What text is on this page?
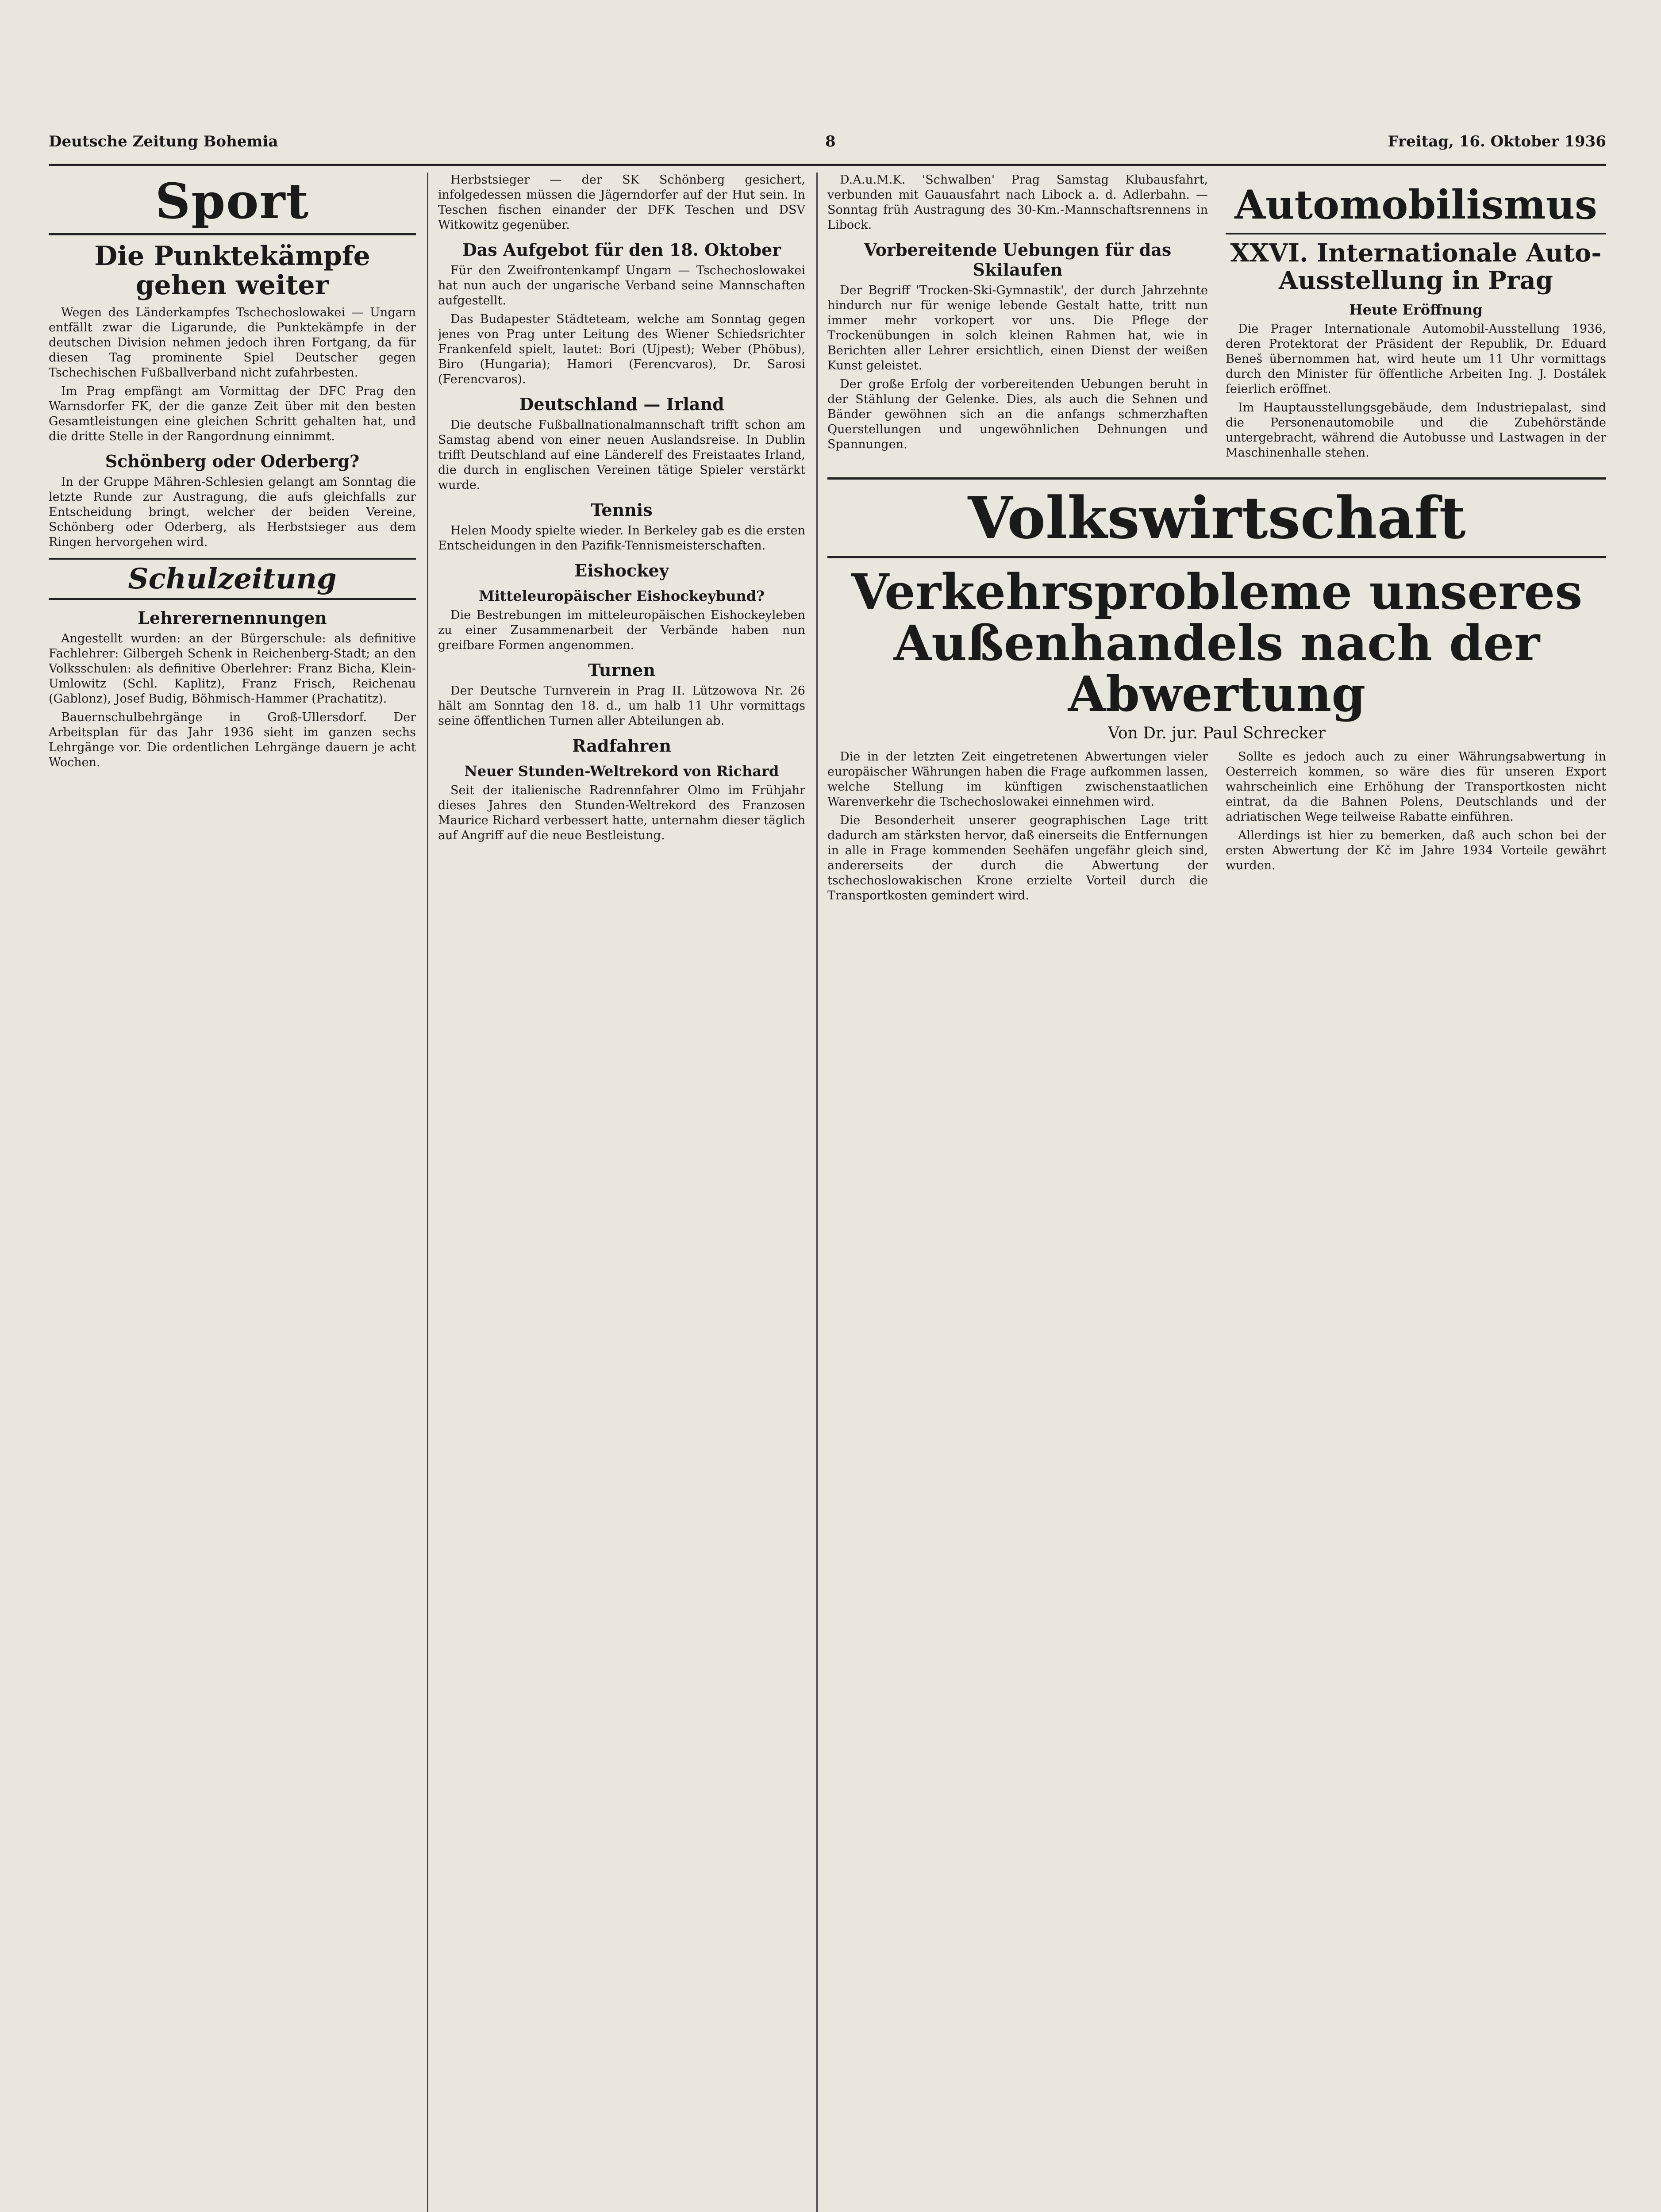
Deutsche Zeitung Bohemia	8	Freitag, 16. Oktober 1936
Sport
Die Punktekämpfe gehen weiter

Wegen des Länderkampfes Tschechoslowakei — Ungarn entfällt zwar die Ligarunde, die Punktekämpfe in der deutschen Division nehmen jedoch ihren Fortgang, da für diesen Tag prominente Spiel Deutscher gegen Tschechischen Fußballverband nicht zufahrbesten.

Im Prag empfängt am Vormittag der DFC Prag den Warnsdorfer FK, der die ganze Zeit über mit den besten Gesamtleistungen eine gleichen Schritt gehalten hat, und die dritte Stelle in der Rangordnung einnimmt.

Schönberg oder Oderberg?

In der Gruppe Mähren-Schlesien gelangt am Sonntag die letzte Runde zur Austragung, die aufs gleichfalls zur Entscheidung bringt, welcher der beiden Vereine, Schönberg oder Oderberg, als Herbstsieger aus dem Ringen hervorgehen wird.

Schulzeitung
Lehrerernennungen

Angestellt wurden: an der Bürgerschule: als definitive Fachlehrer: Gilbergeh Schenk in Reichenberg-Stadt; an den Volksschulen: als definitive Oberlehrer: Franz Bicha, Klein-Umlowitz (Schl. Kaplitz), Franz Frisch, Reichenau (Gablonz), Josef Budig, Böhmisch-Hammer (Prachatitz).

Bauernschulbehrgänge in Groß-Ullersdorf. Der Arbeitsplan für das Jahr 1936 sieht im ganzen sechs Lehrgänge vor. Die ordentlichen Lehrgänge dauern je acht Wochen.

Herbstsieger — der SK Schönberg gesichert, infolgedessen müssen die Jägerndorfer auf der Hut sein. In Teschen fischen einander der DFK Teschen und DSV Witkowitz gegenüber.

Das Aufgebot für den 18. Oktober

Für den Zweifrontenkampf Ungarn — Tschechoslowakei hat nun auch der ungarische Verband seine Mannschaften aufgestellt.

Das Budapester Städteteam, welche am Sonntag gegen jenes von Prag unter Leitung des Wiener Schiedsrichter Frankenfeld spielt, lautet: Bori (Ujpest); Weber (Phöbus), Biro (Hungaria); Hamori (Ferencvaros), Dr. Sarosi (Ferencvaros).

Deutschland — Irland

Die deutsche Fußballnationalmannschaft trifft schon am Samstag abend von einer neuen Auslandsreise. In Dublin trifft Deutschland auf eine Länderelf des Freistaates Irland, die durch in englischen Vereinen tätige Spieler verstärkt wurde.

Tennis

Helen Moody spielte wieder. In Berkeley gab es die ersten Entscheidungen in den Pazifik-Tennismeisterschaften.

Eishockey
Mitteleuropäischer Eishockeybund?

Die Bestrebungen im mitteleuropäischen Eishockeyleben zu einer Zusammenarbeit der Verbände haben nun greifbare Formen angenommen.

Turnen

Der Deutsche Turnverein in Prag II. Lützowova Nr. 26 hält am Sonntag den 18. d., um halb 11 Uhr vormittags seine öffentlichen Turnen aller Abteilungen ab.

Radfahren
Neuer Stunden-Weltrekord von Richard

Seit der italienische Radrennfahrer Olmo im Frühjahr dieses Jahres den Stunden-Weltrekord des Franzosen Maurice Richard verbessert hatte, unternahm dieser täglich auf Angriff auf die neue Bestleistung.

D.A.u.M.K. 'Schwalben' Prag Samstag Klubausfahrt, verbunden mit Gauausfahrt nach Libock a. d. Adlerbahn. — Sonntag früh Austragung des 30-Km.-Mannschaftsrennens in Libock.

Vorbereitende Uebungen für das Skilaufen

Der Begriff 'Trocken-Ski-Gymnastik', der durch Jahrzehnte hindurch nur für wenige lebende Gestalt hatte, tritt nun immer mehr vorkopert vor uns. Die Pflege der Trockenübungen in solch kleinen Rahmen hat, wie in Berichten aller Lehrer ersichtlich, einen Dienst der weißen Kunst geleistet.

Der große Erfolg der vorbereitenden Uebungen beruht in der Stählung der Gelenke. Dies, als auch die Sehnen und Bänder gewöhnen sich an die anfangs schmerzhaften Querstellungen und ungewöhnlichen Dehnungen und Spannungen.

Automobilismus
XXVI. Internationale Auto-Ausstellung in Prag
Heute Eröffnung

Die Prager Internationale Automobil-Ausstellung 1936, deren Protektorat der Präsident der Republik, Dr. Eduard Beneš übernommen hat, wird heute um 11 Uhr vormittags durch den Minister für öffentliche Arbeiten Ing. J. Dostálek feierlich eröffnet.

Im Hauptausstellungsgebäude, dem Industriepalast, sind die Personenautomobile und die Zubehörstände untergebracht, während die Autobusse und Lastwagen in der Maschinenhalle stehen.

Volkswirtschaft
Verkehrsprobleme unseres Außenhandels nach der Abwertung
Von Dr. jur. Paul Schrecker

Die in der letzten Zeit eingetretenen Abwertungen vieler europäischer Währungen haben die Frage aufkommen lassen, welche Stellung im künftigen zwischenstaatlichen Warenverkehr die Tschechoslowakei einnehmen wird.

Die Besonderheit unserer geographischen Lage tritt dadurch am stärksten hervor, daß einerseits die Entfernungen in alle in Frage kommenden Seehäfen ungefähr gleich sind, andererseits der durch die Abwertung der tschechoslowakischen Krone erzielte Vorteil durch die Transportkosten gemindert wird.

Sollte es jedoch auch zu einer Währungsabwertung in Oesterreich kommen, so wäre dies für unseren Export wahrscheinlich eine Erhöhung der Transportkosten nicht eintrat, da die Bahnen Polens, Deutschlands und der adriatischen Wege teilweise Rabatte einführen.

Allerdings ist hier zu bemerken, daß auch schon bei der ersten Abwertung der Kč im Jahre 1934 Vorteile gewährt wurden.
